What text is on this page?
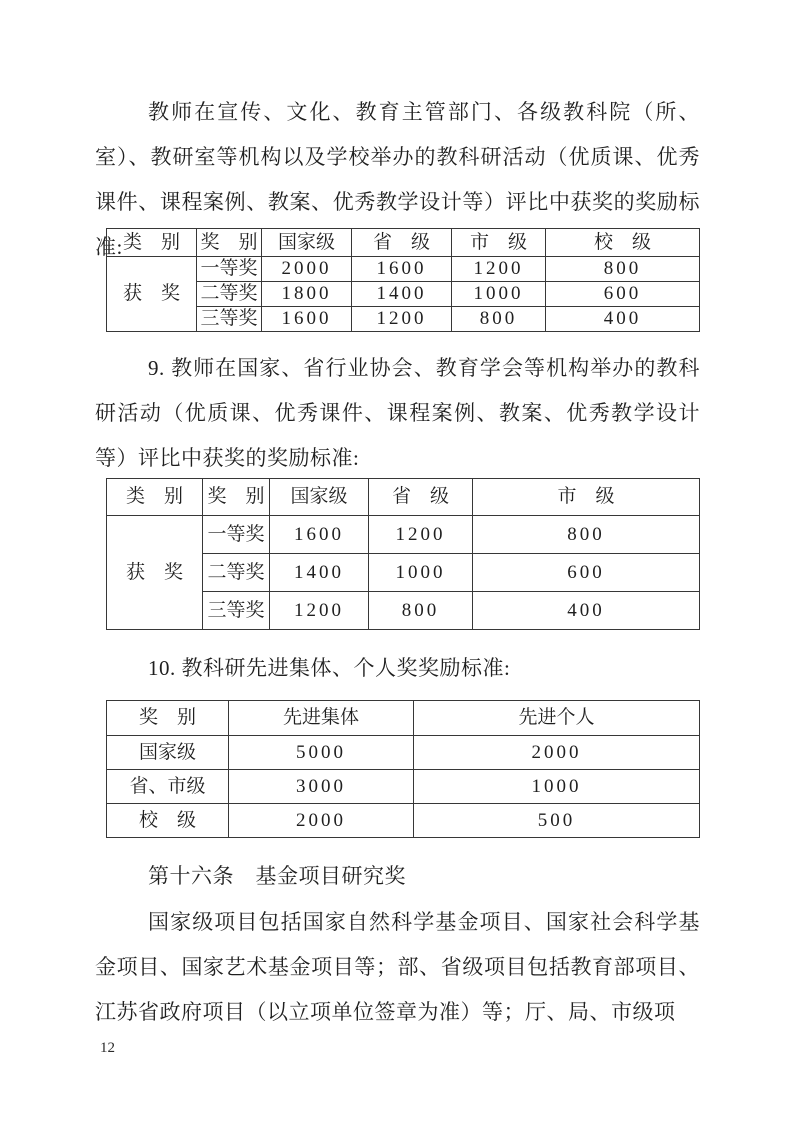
教师在宣传、文化、教育主管部门、各级教科院（所、室）、教研室等机构以及学校举办的教科研活动（优质课、优秀课件、课程案例、教案、优秀教学设计等）评比中获奖的奖励标准: 类　别	奖　别	国家级	省　级	市　级	校　级
获　奖	一等奖	2000	1600	1200	800
	二等奖	1800	1400	1000	600
	三等奖	1600	1200	800	400

9. 教师在国家、省行业协会、教育学会等机构举办的教科研活动（优质课、优秀课件、课程案例、教案、优秀教学设计等）评比中获奖的奖励标准:

类　别	奖　别	国家级	省　级	市　级
获　奖	一等奖	1600	1200	800
	二等奖	1400	1000	600
	三等奖	1200	800	400

10. 教科研先进集体、个人奖奖励标准:

奖　别	先进集体	先进个人
国家级	5000	2000
省、市级	3000	1000
校　级	2000	500

第十六条　基金项目研究奖

国家级项目包括国家自然科学基金项目、国家社会科学基金项目、国家艺术基金项目等；部、省级项目包括教育部项目、江苏省政府项目（以立项单位签章为准）等；厅、局、市级项

12
